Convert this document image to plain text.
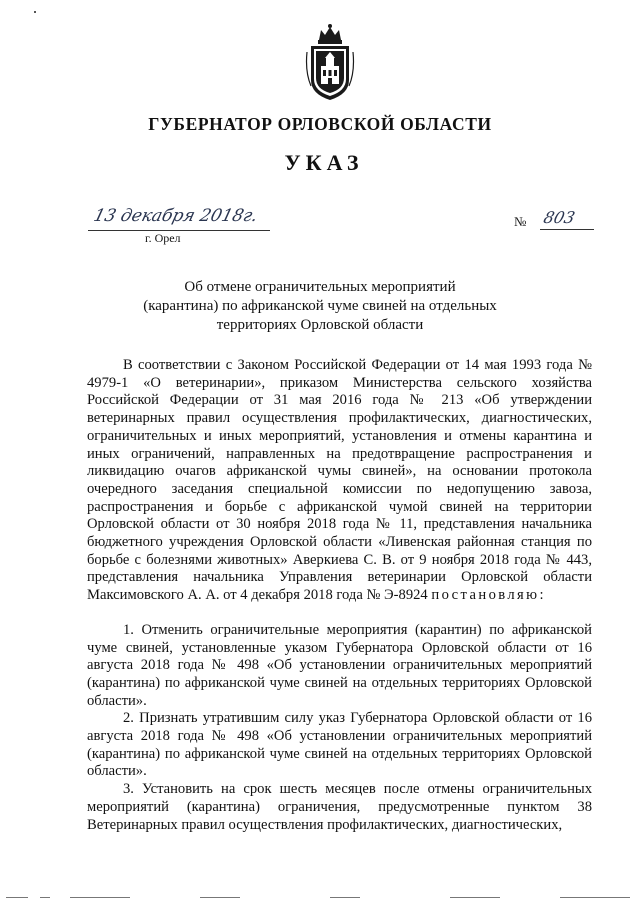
ГУБЕРНАТОР ОРЛОВСКОЙ ОБЛАСТИ
УКАЗ
13 декабря 2018г.
г. Орел
№ 803
Об отмене ограничительных мероприятий
(карантина) по африканской чуме свиней на отдельных
территориях Орловской области

В соответствии с Законом Российской Федерации от 14 мая 1993 года № 4979-1 «О ветеринарии», приказом Министерства сельского хозяйства Российской Федерации от 31 мая 2016 года № 213 «Об утверждении ветеринарных правил осуществления профилактических, диагностических, ограничительных и иных мероприятий, установления и отмены карантина и иных ограничений, направленных на предотвращение распространения и ликвидацию очагов африканской чумы свиней», на основании протокола очередного заседания специальной комиссии по недопущению завоза, распространения и борьбе с африканской чумой свиней на территории Орловской области от 30 ноября 2018 года № 11, представления начальника бюджетного учреждения Орловской области «Ливенская районная станция по борьбе с болезнями животных» Аверкиева С. В. от 9 ноября 2018 года № 443, представления начальника Управления ветеринарии Орловской области Максимовского А. А. от 4 декабря 2018 года № Э-8924 постановляю:

1. Отменить ограничительные мероприятия (карантин) по африканской чуме свиней, установленные указом Губернатора Орловской области от 16 августа 2018 года № 498 «Об установлении ограничительных мероприятий (карантина) по африканской чуме свиней на отдельных территориях Орловской области».

2. Признать утратившим силу указ Губернатора Орловской области от 16 августа 2018 года № 498 «Об установлении ограничительных мероприятий (карантина) по африканской чуме свиней на отдельных территориях Орловской области».

3. Установить на срок шесть месяцев после отмены ограничительных мероприятий (карантина) ограничения, предусмотренные пунктом 38 Ветеринарных правил осуществления профилактических, диагностических,
